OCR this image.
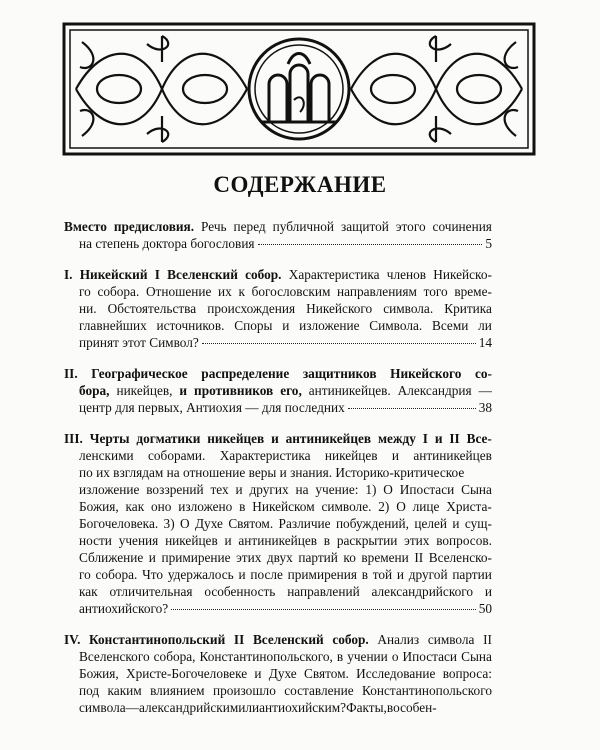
СОДЕРЖАНИЕ
Вместо предисловия. Речь перед публичной защитой этого сочинения
на степень доктора богословия	5
I. Никейский I Вселенский собор. Характеристика членов Никейско-
го собора. Отношение их к богословским направлениям того време-
ни. Обстоятельства происхождения Никейского символа. Критика
главнейших источников. Споры и изложение Символа. Всеми ли
принят этот Символ?	14
II. Географическое распределение защитников Никейского со-
бора, никейцев, и противников его, антиникейцев. Александрия —
центр для первых, Антиохия — для последних	38
III. Черты догматики никейцев и антиникейцев между I и II Все-
ленскими соборами. Характеристика никейцев и антиникейцев
по их взглядам на отношение веры и знания. Историко-критическое
изложение воззрений тех и других на учение: 1) О Ипостаси Сына
Божия, как оно изложено в Никейском символе. 2) О лице Христа-
Богочеловека. 3) О Духе Святом. Различие побуждений, целей и сущ-
ности учения никейцев и антиникейцев в раскрытии этих вопросов.
Сближение и примирение этих двух партий ко времени II Вселенско-
го собора. Что удержалось и после примирения в той и другой партии
как отличительная особенность направлений александрийского и
антиохийского?	50
IV. Константинопольский II Вселенский собор. Анализ символа II
Вселенского собора, Константинопольского, в учении о Ипостаси Сына
Божия, Христе-Богочеловеке и Духе Святом. Исследование вопроса:
под каким влиянием произошло составление Константинопольского
символа — александрийским или антиохийским? Факты, в особен-
